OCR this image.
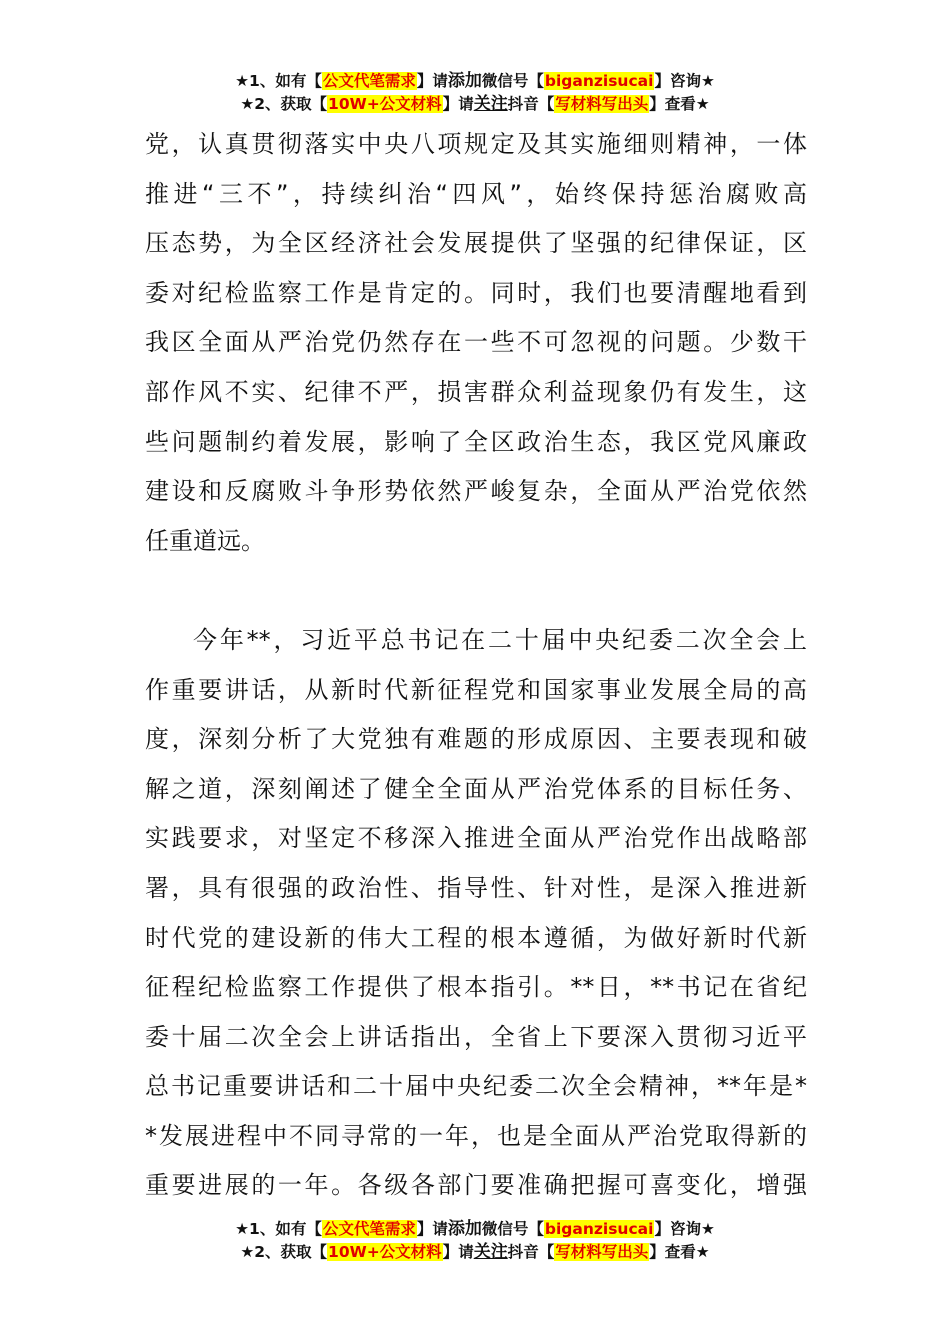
★1、如有【公文代笔需求】请添加微信号【biganzisucai】咨询★
★2、获取【10W+公文材料】请关注抖音【写材料写出头】查看★
党，认真贯彻落实中央八项规定及其实施细则精神，一体
推进“三不”，持续纠治“四风”，始终保持惩治腐败高
压态势，为全区经济社会发展提供了坚强的纪律保证，区
委对纪检监察工作是肯定的。同时，我们也要清醒地看到
我区全面从严治党仍然存在一些不可忽视的问题。少数干
部作风不实、纪律不严，损害群众利益现象仍有发生，这
些问题制约着发展，影响了全区政治生态，我区党风廉政
建设和反腐败斗争形势依然严峻复杂，全面从严治党依然
任重道远。
今年**，习近平总书记在二十届中央纪委二次全会上
作重要讲话，从新时代新征程党和国家事业发展全局的高
度，深刻分析了大党独有难题的形成原因、主要表现和破
解之道，深刻阐述了健全全面从严治党体系的目标任务、
实践要求，对坚定不移深入推进全面从严治党作出战略部
署，具有很强的政治性、指导性、针对性，是深入推进新
时代党的建设新的伟大工程的根本遵循，为做好新时代新
征程纪检监察工作提供了根本指引。**日，**书记在省纪
委十届二次全会上讲话指出，全省上下要深入贯彻习近平
总书记重要讲话和二十届中央纪委二次全会精神，**年是*
*发展进程中不同寻常的一年，也是全面从严治党取得新的
重要进展的一年。各级各部门要准确把握可喜变化，增强
★1、如有【公文代笔需求】请添加微信号【biganzisucai】咨询★
★2、获取【10W+公文材料】请关注抖音【写材料写出头】查看★
